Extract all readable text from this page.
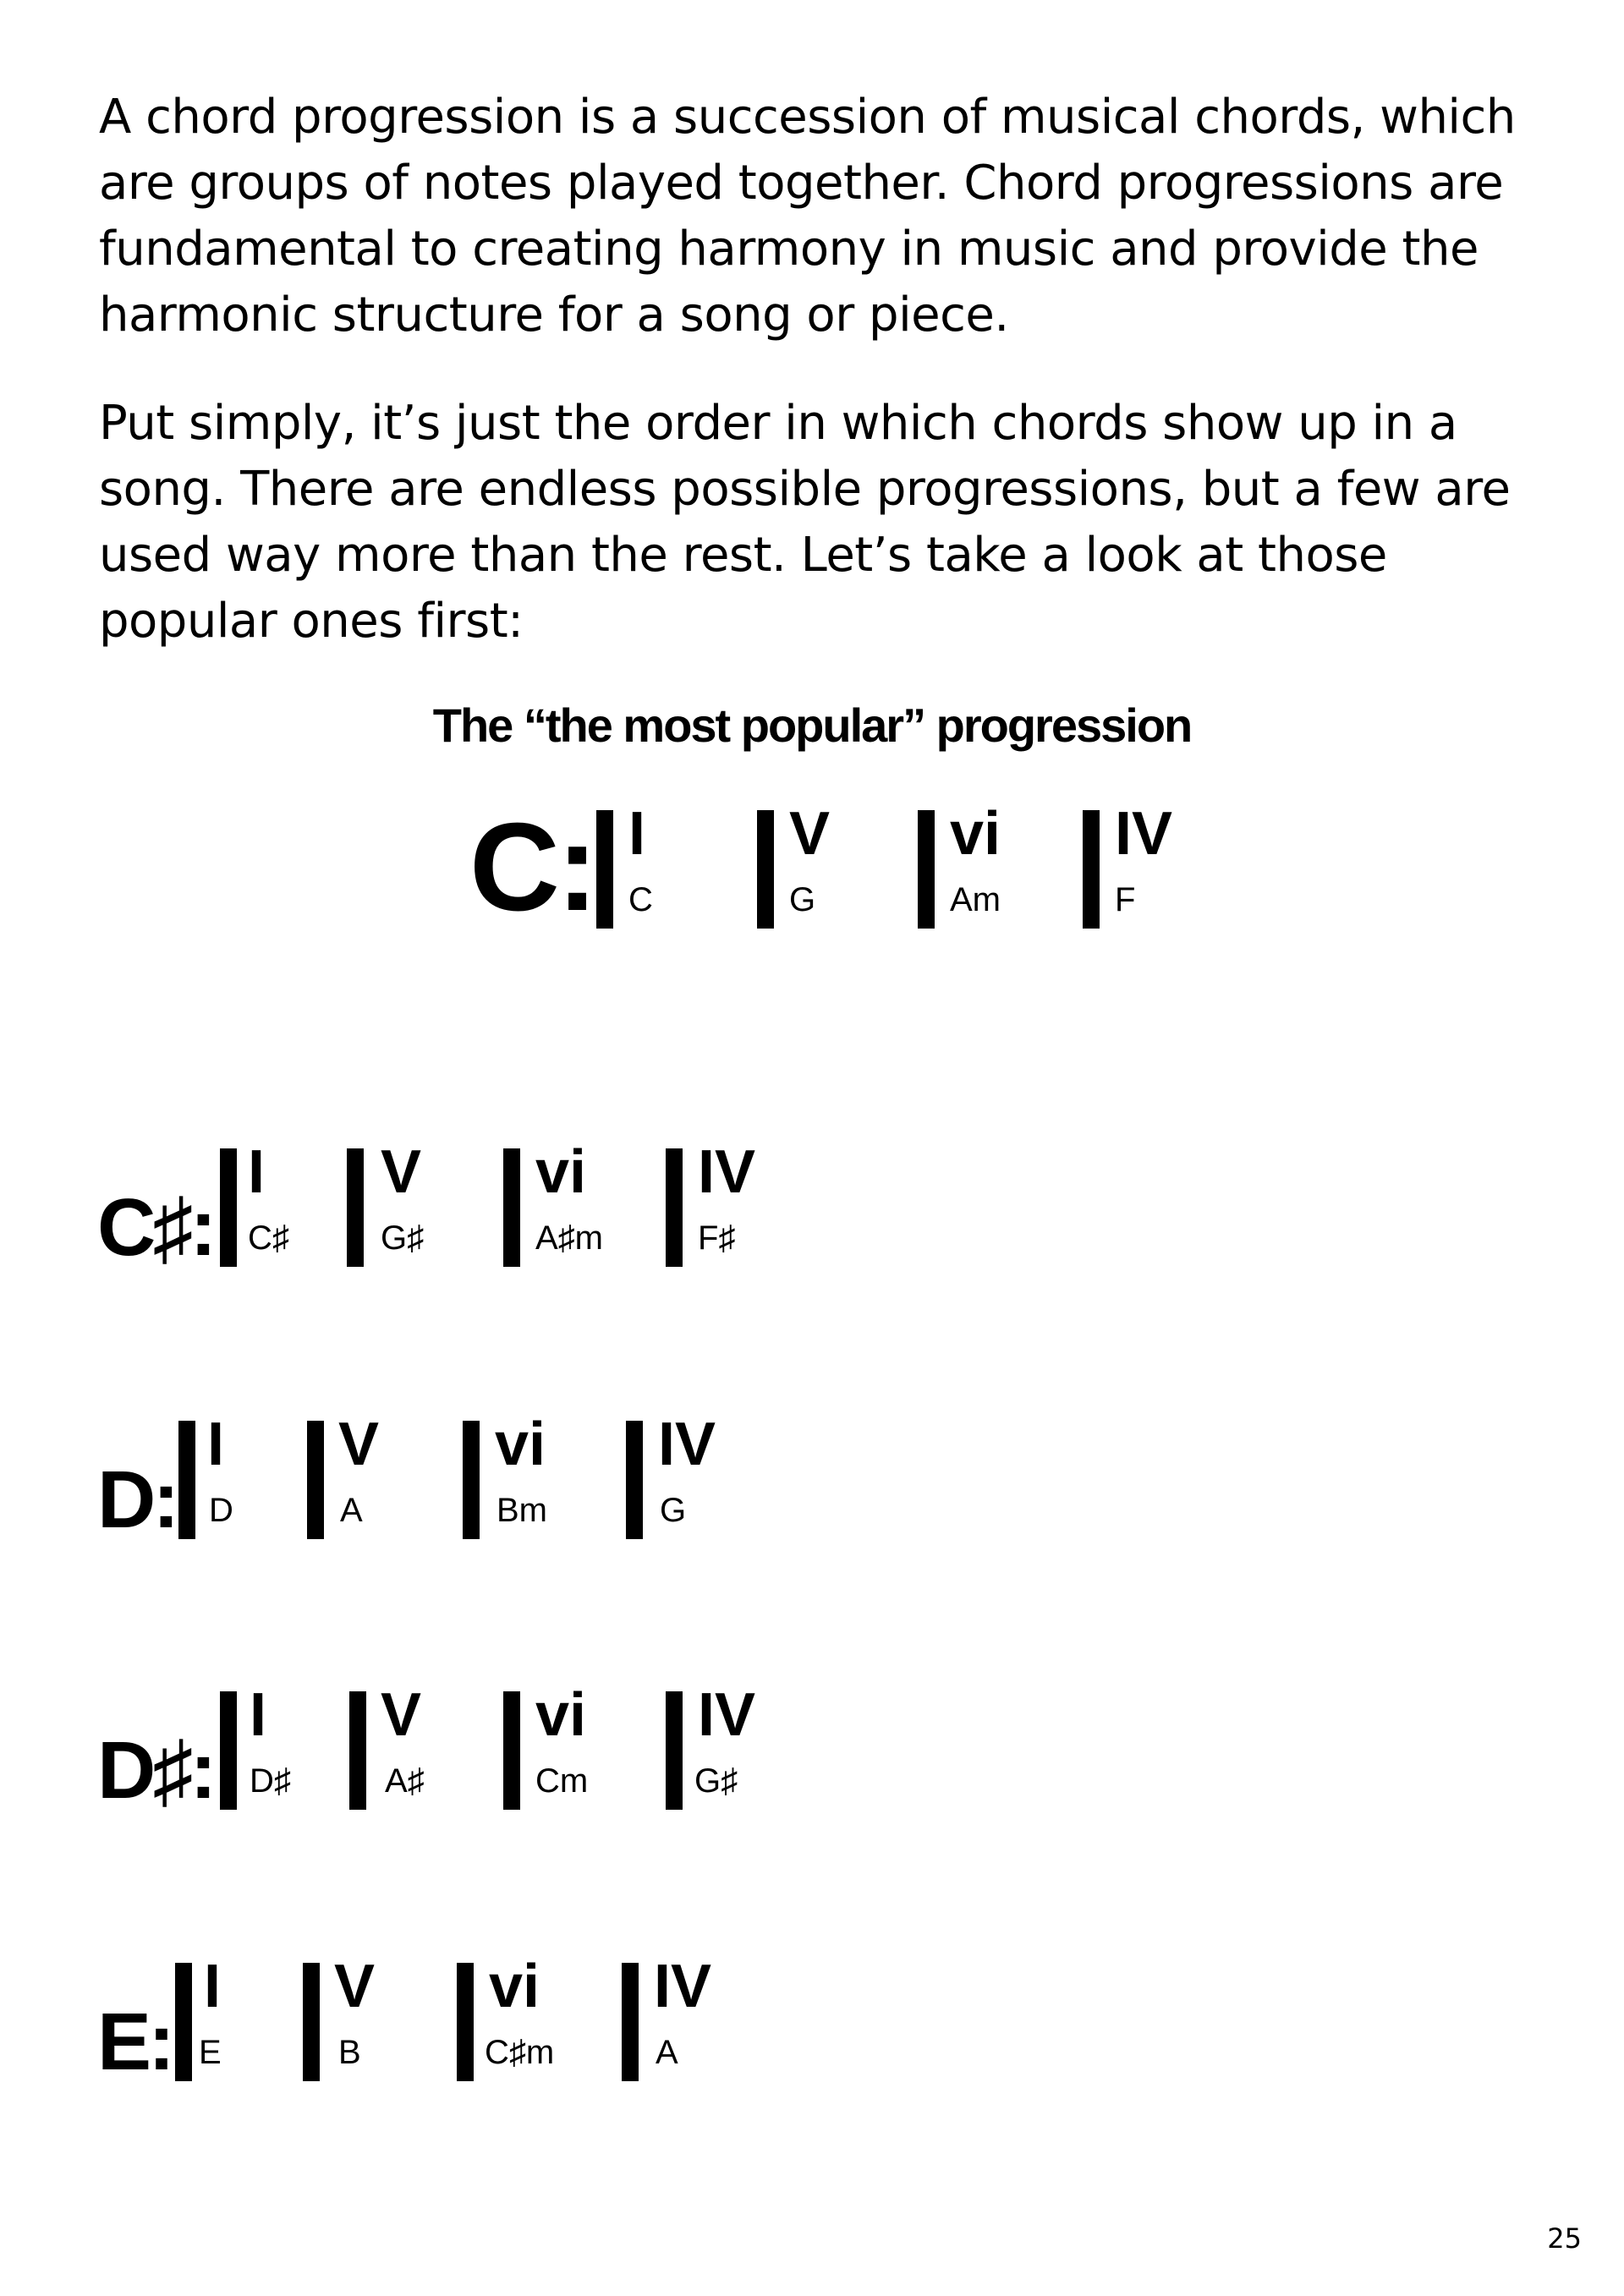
A chord progression is a succession of musical chords, which are groups of notes played together. Chord progressions are fundamental to creating harmony in music and provide the harmonic structure for a song or piece.

Put simply, it’s just the order in which chords show up in a song. There are endless possible progressions, but a few are used way more than the rest. Let’s take a look at those popular ones first:

The “the most popular” progression
C: I
C
V
G
vi
Am
IV
F
C♯:
I
C♯
V
G♯
vi
A♯m
IV
F♯
D:
I
D
V
A
vi
Bm
IV
G
D♯:
I
D♯
V
A♯
vi
Cm
IV
G♯
E:
I
E
V
B
vi
C♯m
IV
A

25
